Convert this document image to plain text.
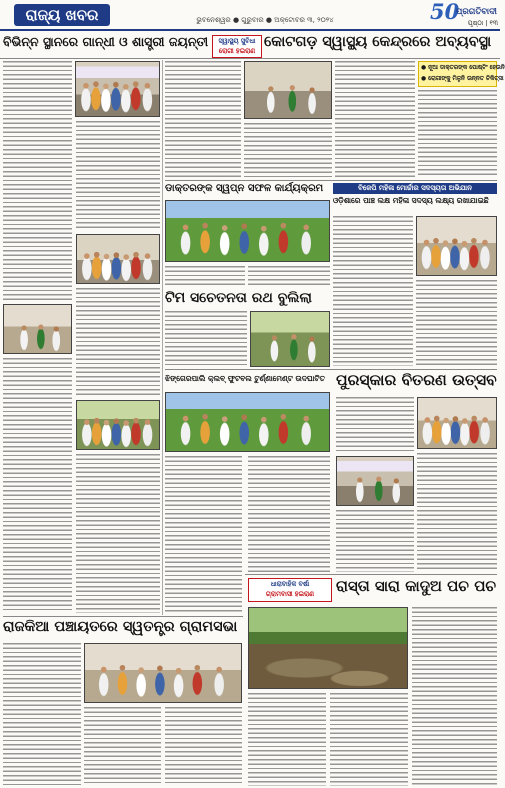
ରାଜ୍ୟ ଖବର	ଭୁବନେଶ୍ୱର ● ଗୁରୁବାର ● ଅକ୍ଟୋବର ୩, ୨୦୨୪	50
ପ୍ରଗତିବାଦୀ
ପୃଷ୍ଠା | ୧୩
ବିଭିନ୍ନ ସ୍ଥାନରେ ଗାନ୍ଧୀ ଓ ଶାସ୍ତ୍ରୀ ଜୟନ୍ତୀ	ସ୍ୱାସ୍ଥ୍ୟ ସୁବିଧା
ରୋଗୀ ହଇରାଣ
କୋଟଗଡ଼ ସ୍ୱାସ୍ଥ୍ୟ କେନ୍ଦ୍ରରେ ଅବ୍ୟବସ୍ଥା
● ନୂଆ ଡାକ୍ତରଙ୍କ ପୋଷ୍ଟିଂ ହେଉନି
● ରୋଗୀଙ୍କୁ ମିଳୁନି ଉନ୍ନତ ଚିକିତ୍ସା
ଡାକ୍ତରଙ୍କ ସ୍ୱପ୍ନ ସଫଳ କାର୍ଯ୍ୟକ୍ରମ	ବିଜେପି ମହିଳା ମୋର୍ଚ୍ଚାର ସଦସ୍ୟତା ଅଭିଯାନ
ଓଡ଼ିଶାରେ ପାଞ୍ଚ ଲକ୍ଷ ମହିଳା ସଦସ୍ୟ ଲକ୍ଷ୍ୟ ରଖାଯାଇଛି
ଟିମ ସଚେତନତା ରଥ ବୁଲିଲା
ଝିଙ୍ଗେରପାଲି କ୍ଲବ୍‌ ଫୁଟବଲ ଟୁର୍ଣ୍ଣାମେଣ୍ଟ ଉଦଘାଟିତ ପୁରସ୍କାର ବିତରଣ ଉତ୍ସବ
ଧାରାବାହିକ ବର୍ଷା
ଗ୍ରାମବାସୀ ହଇରାଣ	ରାସ୍ତା ସାରା କାଦୁଅ ପଚ ପଚ
ରାଜକିଆ ପଞ୍ଚାୟତରେ ସ୍ୱତନ୍ତ୍ର ଗ୍ରାମସଭା
